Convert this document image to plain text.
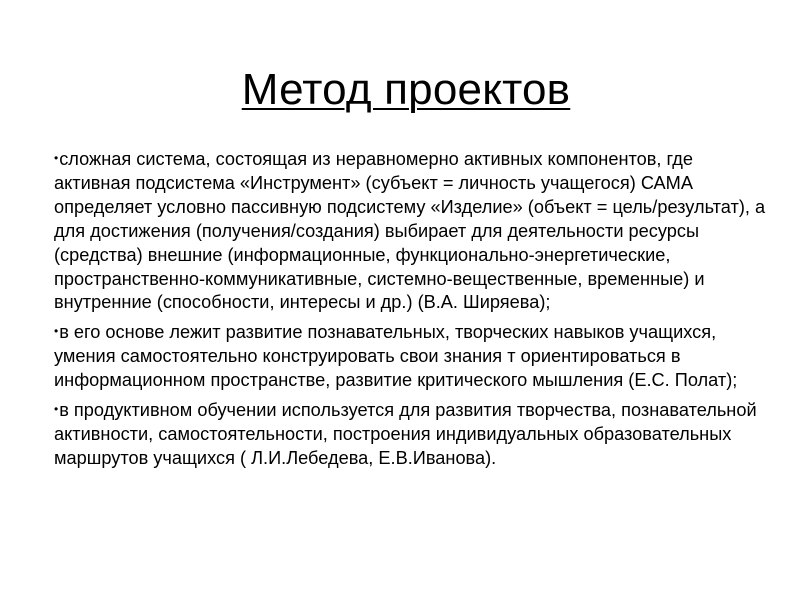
Метод проектов
•сложная система, состоящая из неравномерно активных компонентов, где активная подсистема «Инструмент» (субъект = личность учащегося) САМА определяет условно пассивную подсистему «Изделие» (объект = цель/результат), а для достижения (получения/создания) выбирает для деятельности ресурсы (средства) внешние (информационные, функционально-энергетические, пространственно-коммуникативные, системно-вещественные, временные) и внутренние (способности, интересы и др.) (В.А. Ширяева);
•в его основе лежит развитие познавательных, творческих навыков учащихся, умения самостоятельно конструировать свои знания т ориентироваться в информационном пространстве, развитие критического мышления (Е.С. Полат);
•в продуктивном обучении используется для развития творчества, познавательной активности, самостоятельности, построения индивидуальных образовательных маршрутов учащихся ( Л.И.Лебедева, Е.В.Иванова).
